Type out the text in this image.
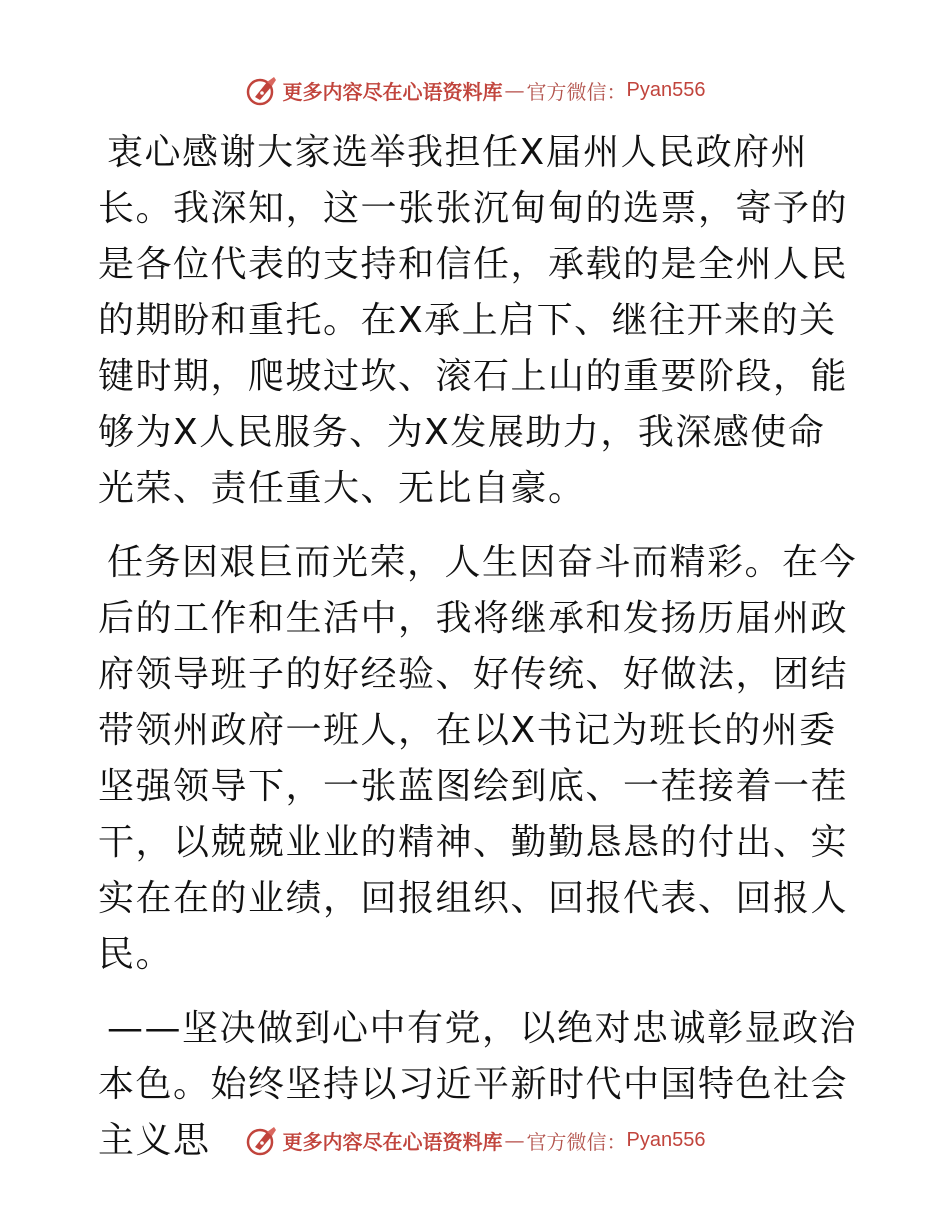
更多内容尽在心语资料库 — 官方微信： Pyan556

衷心感谢大家选举我担任X届州人民政府州长。我深知，这一张张沉甸甸的选票，寄予的是各位代表的支持和信任，承载的是全州人民的期盼和重托。在X承上启下、继往开来的关键时期，爬坡过坎、滚石上山的重要阶段，能够为X人民服务、为X发展助力，我深感使命光荣、责任重大、无比自豪。

任务因艰巨而光荣，人生因奋斗而精彩。在今后的工作和生活中，我将继承和发扬历届州政府领导班子的好经验、好传统、好做法，团结带领州政府一班人，在以X书记为班长的州委坚强领导下，一张蓝图绘到底、一茬接着一茬干，以兢兢业业的精神、勤勤恳恳的付出、实实在在的业绩，回报组织、回报代表、回报人民。

——坚决做到心中有党，以绝对忠诚彰显政治本色。始终坚持以习近平新时代中国特色社会主义思	更多内容尽在心语资料库 — 官方微信： Pyan556
